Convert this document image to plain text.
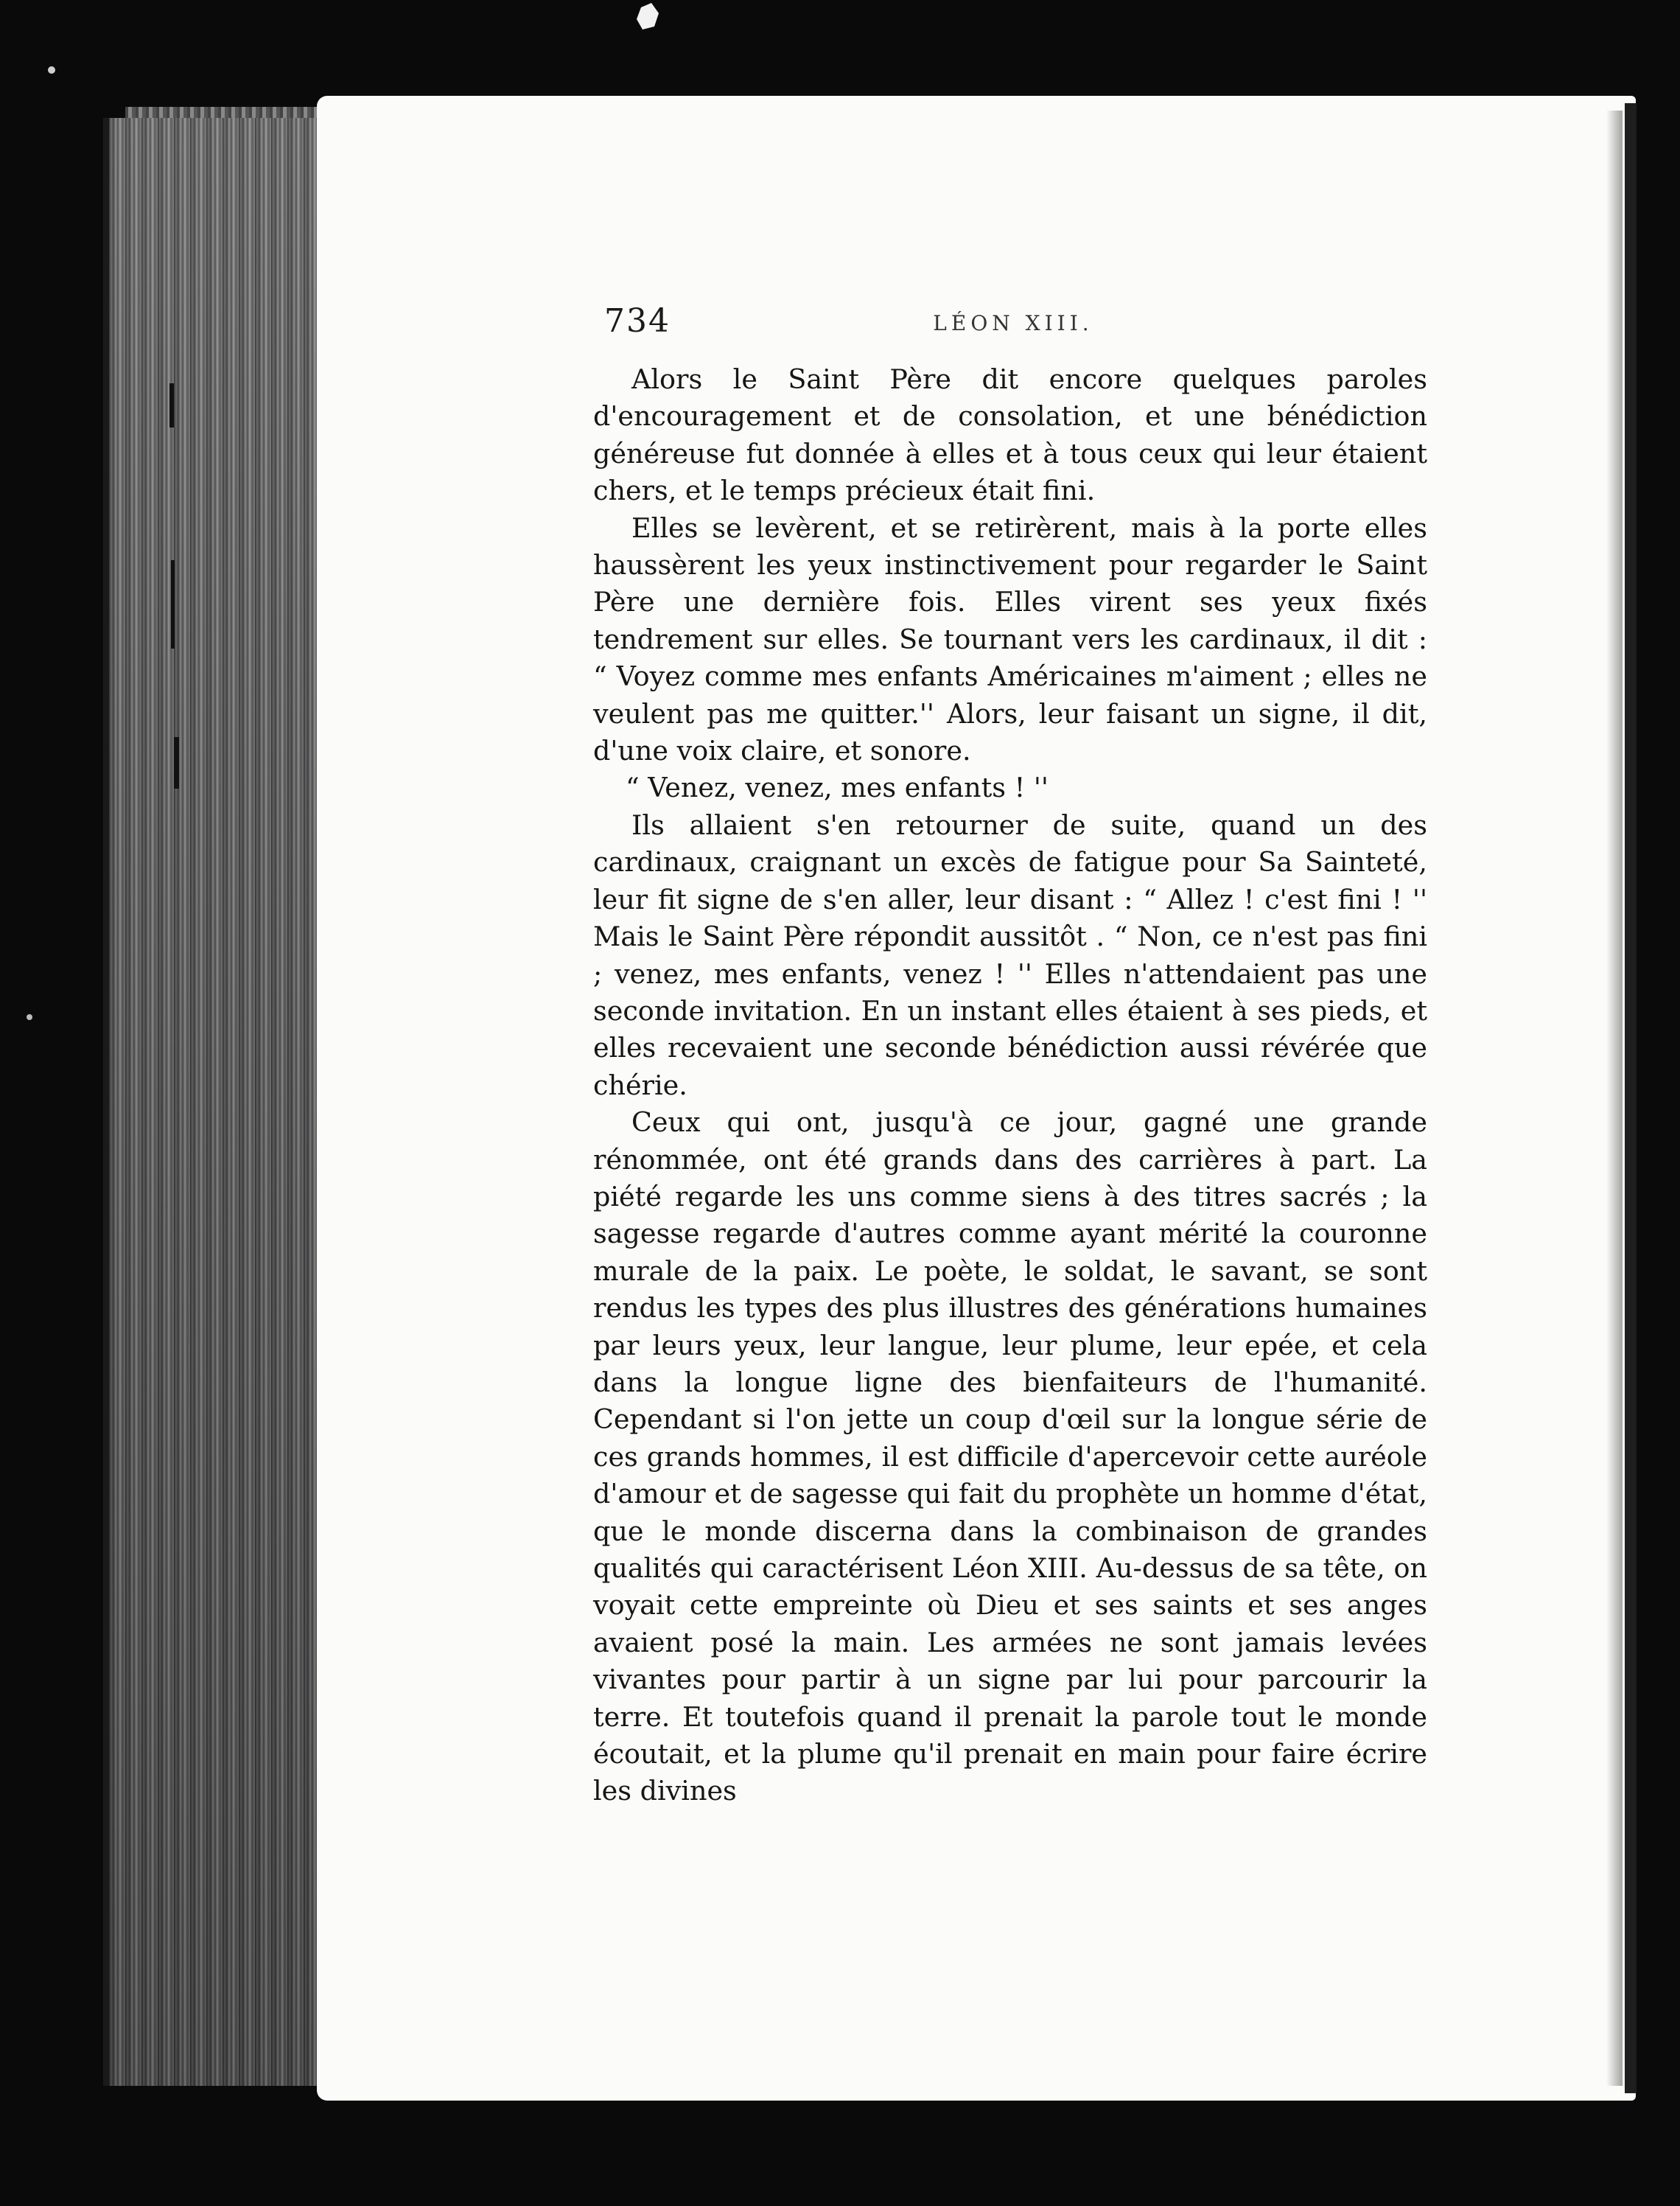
734	LÉON XIII.

Alors le Saint Père dit encore quelques paroles d'encouragement et de consolation, et une bénédiction généreuse fut donnée à elles et à tous ceux qui leur étaient chers, et le temps précieux était fini.

Elles se levèrent, et se retirèrent, mais à la porte elles haussèrent les yeux instinctivement pour regarder le Saint Père une dernière fois. Elles virent ses yeux fixés tendrement sur elles. Se tournant vers les cardinaux, il dit : “ Voyez comme mes enfants Américaines m'aiment ; elles ne veulent pas me quitter.'' Alors, leur faisant un signe, il dit, d'une voix claire, et sonore.

“ Venez, venez, mes enfants ! ''

Ils allaient s'en retourner de suite, quand un des cardinaux, craignant un excès de fatigue pour Sa Sainteté, leur fit signe de s'en aller, leur disant : “ Allez ! c'est fini ! '' Mais le Saint Père répondit aussitôt . “ Non, ce n'est pas fini ; venez, mes enfants, venez ! '' Elles n'attendaient pas une seconde invitation. En un instant elles étaient à ses pieds, et elles recevaient une seconde bénédiction aussi révérée que chérie.

Ceux qui ont, jusqu'à ce jour, gagné une grande rénommée, ont été grands dans des carrières à part. La piété regarde les uns comme siens à des titres sacrés ; la sagesse regarde d'autres comme ayant mérité la couronne murale de la paix. Le poète, le soldat, le savant, se sont rendus les types des plus illustres des générations humaines par leurs yeux, leur langue, leur plume, leur epée, et cela dans la longue ligne des bienfaiteurs de l'humanité. Cependant si l'on jette un coup d'œil sur la longue série de ces grands hommes, il est difficile d'apercevoir cette auréole d'amour et de sagesse qui fait du prophète un homme d'état, que le monde discerna dans la combinaison de grandes qualités qui caractérisent Léon XIII. Au-dessus de sa tête, on voyait cette empreinte où Dieu et ses saints et ses anges avaient posé la main. Les armées ne sont jamais levées vivantes pour partir à un signe par lui pour parcourir la terre. Et toutefois quand il prenait la parole tout le monde écoutait, et la plume qu'il prenait en main pour faire écrire les divines
